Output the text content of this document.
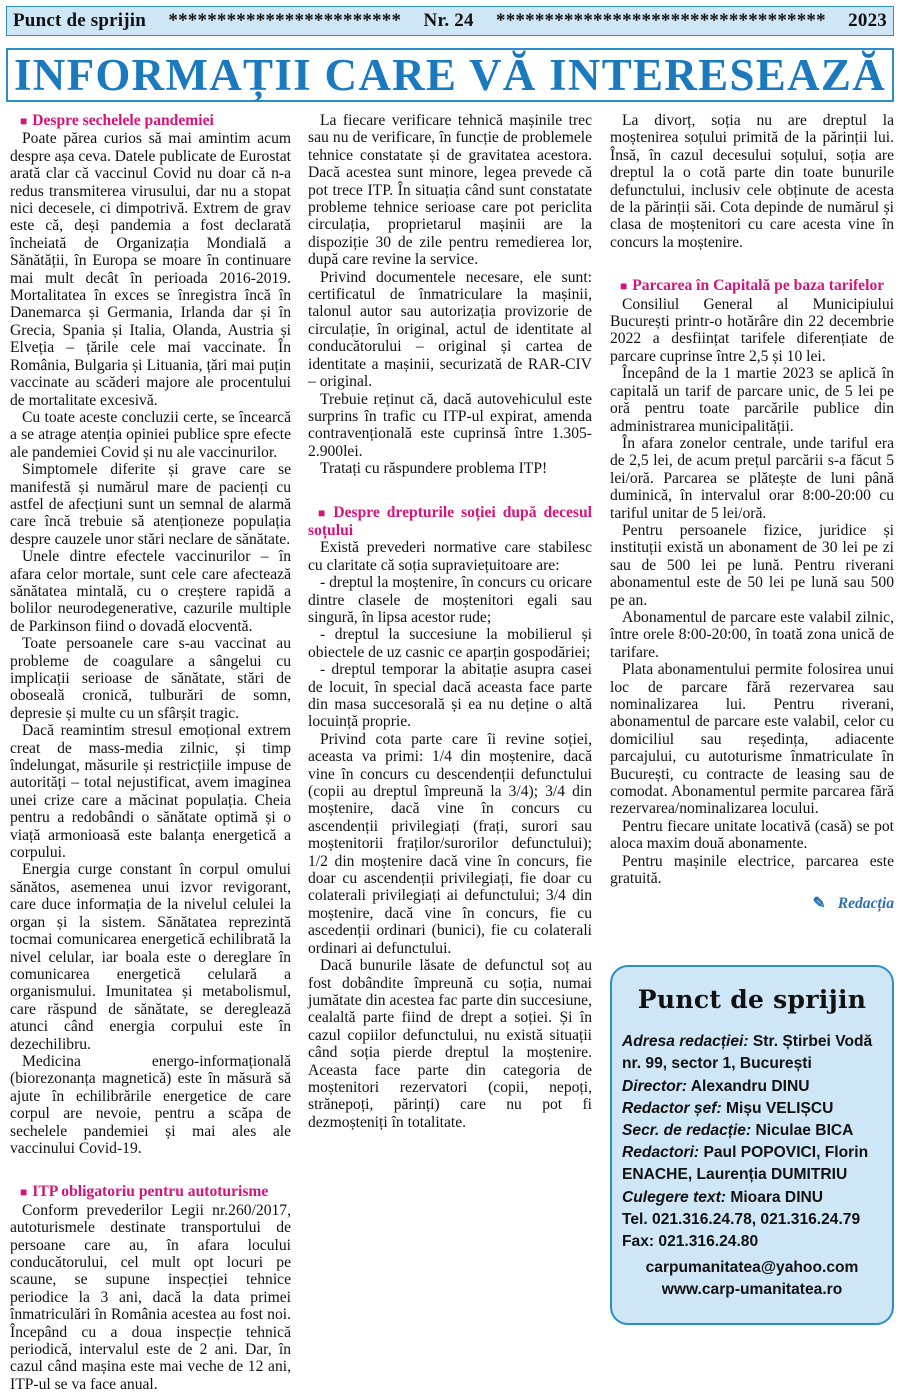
Punct de sprijin ************************ Nr. 24 ********************************** 2023
INFORMAȚII CARE VĂ INTERESEAZĂ
■ Despre sechelele pandemiei

Poate părea curios să mai amintim acum despre așa ceva. Datele publicate de Eurostat arată clar că vaccinul Covid nu doar că n-a redus transmiterea virusului, dar nu a stopat nici decesele, ci dimpotrivă. Extrem de grav este că, deși pandemia a fost declarată încheiată de Organizația Mondială a Sănătății, în Europa se moare în continuare mai mult decât în perioada 2016-2019. Mortalitatea în exces se înregistra încă în Danemarca și Germania, Irlanda dar și în Grecia, Spania și Italia, Olanda, Austria și Elveția – țările cele mai vaccinate. În România, Bulgaria și Lituania, țări mai puțin vaccinate au scăderi majore ale procentului de mortalitate excesivă.

Cu toate aceste concluzii certe, se încearcă a se atrage atenția opiniei publice spre efecte ale pandemiei Covid și nu ale vaccinurilor.

Simptomele diferite și grave care se manifestă și numărul mare de pacienți cu astfel de afecțiuni sunt un semnal de alarmă care încă trebuie să atenționeze populația despre cauzele unor stări neclare de sănătate.

Unele dintre efectele vaccinurilor – în afara celor mortale, sunt cele care afectează sănătatea mintală, cu o creștere rapidă a bolilor neurodegenerative, cazurile multiple de Parkinson fiind o dovadă elocventă.

Toate persoanele care s-au vaccinat au probleme de coagulare a sângelui cu implicații serioase de sănătate, stări de oboseală cronică, tulburări de somn, depresie și multe cu un sfârșit tragic.

Dacă reamintim stresul emoțional extrem creat de mass-media zilnic, și timp îndelungat, măsurile și restricțiile impuse de autorități – total nejustificat, avem imaginea unei crize care a măcinat populația. Cheia pentru a redobândi o sănătate optimă și o viață armonioasă este balanța energetică a corpului.

Energia curge constant în corpul omului sănătos, asemenea unui izvor revigorant, care duce informația de la nivelul celulei la organ și la sistem. Sănătatea reprezintă tocmai comunicarea energetică echilibrată la nivel celular, iar boala este o dereglare în comunicarea energetică celulară a organismului. Imunitatea și metabolismul, care răspund de sănătate, se dereglează atunci când energia corpului este în dezechilibru.

Medicina energo-informațională (biorezonanța magnetică) este în măsură să ajute în echilibrările energetice de care corpul are nevoie, pentru a scăpa de sechelele pandemiei și mai ales ale vaccinului Covid-19.

■ ITP obligatoriu pentru autoturisme

Conform prevederilor Legii nr.260/2017, autoturismele destinate transportului de persoane care au, în afara locului conducătorului, cel mult opt locuri pe scaune, se supune inspecției tehnice periodice la 3 ani, dacă la data primei înmatriculări în România acestea au fost noi. Începând cu a doua inspecție tehnică periodică, intervalul este de 2 ani. Dar, în cazul când mașina este mai veche de 12 ani, ITP-ul se va face anual.

La fiecare verificare tehnică mașinile trec sau nu de verificare, în funcție de problemele tehnice constatate și de gravitatea acestora. Dacă acestea sunt minore, legea prevede că pot trece ITP. În situația când sunt constatate probleme tehnice serioase care pot periclita circulația, proprietarul mașinii are la dispoziție 30 de zile pentru remedierea lor, după care revine la service.

Privind documentele necesare, ele sunt: certificatul de înmatriculare la mașinii, talonul autor sau autorizația provizorie de circulație, în original, actul de identitate al conducătorului – original și cartea de identitate a mașinii, securizată de RAR-CIV – original.

Trebuie reținut că, dacă autovehiculul este surprins în trafic cu ITP-ul expirat, amenda contravențională este cuprinsă între 1.305-2.900lei.

Tratați cu răspundere problema ITP!

■ Despre drepturile soției după decesul soțului

Există prevederi normative care stabilesc cu claritate că soția supraviețuitoare are:

- dreptul la moștenire, în concurs cu oricare dintre clasele de moștenitori egali sau singură, în lipsa acestor rude;

- dreptul la succesiune la mobilierul și obiectele de uz casnic ce aparțin gospodăriei;

- dreptul temporar la abitație asupra casei de locuit, în special dacă aceasta face parte din masa succesorală și ea nu deține o altă locuință proprie.

Privind cota parte care îi revine soției, aceasta va primi: 1/4 din moștenire, dacă vine în concurs cu descendenții defunctului (copii au dreptul împreună la 3/4); 3/4 din moștenire, dacă vine în concurs cu ascendenții privilegiați (frați, surori sau moștenitorii fraților/surorilor defunctului); 1/2 din moștenire dacă vine în concurs, fie doar cu ascendenții privilegiați, fie doar cu colaterali privilegiați ai defunctului; 3/4 din moștenire, dacă vine în concurs, fie cu ascedenții ordinari (bunici), fie cu colaterali ordinari ai defunctului.

Dacă bunurile lăsate de defunctul soț au fost dobândite împreună cu soția, numai jumătate din acestea fac parte din succesiune, cealaltă parte fiind de drept a soției. Și în cazul copiilor defunctului, nu există situații când soția pierde dreptul la moștenire. Aceasta face parte din categoria de moștenitori rezervatori (copii, nepoți, strănepoți, părinți) care nu pot fi dezmoșteniți în totalitate.

La divorț, soția nu are dreptul la moștenirea soțului primită de la părinții lui. Însă, în cazul decesului soțului, soția are dreptul la o cotă parte din toate bunurile defunctului, inclusiv cele obținute de acesta de la părinții săi. Cota depinde de numărul și clasa de moștenitori cu care acesta vine în concurs la moștenire.

■ Parcarea în Capitală pe baza tarifelor

Consiliul General al Municipiului București printr-o hotărâre din 22 decembrie 2022 a desființat tarifele diferențiate de parcare cuprinse între 2,5 și 10 lei.

Începând de la 1 martie 2023 se aplică în capitală un tarif de parcare unic, de 5 lei pe oră pentru toate parcările publice din administrarea municipalității.

În afara zonelor centrale, unde tariful era de 2,5 lei, de acum prețul parcării s-a făcut 5 lei/oră. Parcarea se plătește de luni până duminică, în intervalul orar 8:00-20:00 cu tariful unitar de 5 lei/oră.

Pentru persoanele fizice, juridice și instituții există un abonament de 30 lei pe zi sau de 500 lei pe lună. Pentru riverani abonamentul este de 50 lei pe lună sau 500 pe an.

Abonamentul de parcare este valabil zilnic, între orele 8:00-20:00, în toată zona unică de tarifare.

Plata abonamentului permite folosirea unui loc de parcare fără rezervarea sau nominalizarea lui. Pentru riverani, abonamentul de parcare este valabil, celor cu domiciliul sau reședința, adiacente parcajului, cu autoturisme înmatriculate în București, cu contracte de leasing sau de comodat. Abonamentul permite parcarea fără rezervarea/nominalizarea locului.

Pentru fiecare unitate locativă (casă) se pot aloca maxim două abonamente.

Pentru mașinile electrice, parcarea este gratuită.

✎ Redacția
Punct de sprijin
Adresa redacției: Str. Știrbei Vodă nr. 99, sector 1, București
Director: Alexandru DINU
Redactor șef: Mișu VELIȘCU
Secr. de redacție: Niculae BICA
Redactori: Paul POPOVICI, Florin ENACHE, Laurenția DUMITRIU
Culegere text: Mioara DINU
Tel. 021.316.24.78, 021.316.24.79
Fax: 021.316.24.80
carpumanitatea@yahoo.com
www.carp-umanitatea.ro
